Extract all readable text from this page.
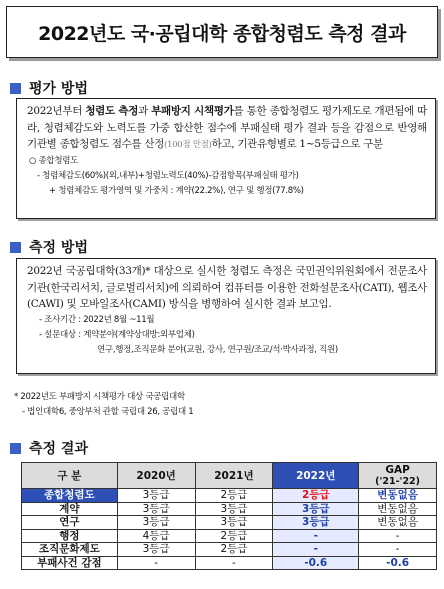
2022년도 국·공립대학 종합청렴도 측정 결과
평가 방법

2022년부터 청렴도 측정과 부패방지 시책평가를 통한 종합청렴도 평가제도로 개편됨에 따라, 청렴체감도와 노력도를 가중 합산한 점수에 부패실태 평가 결과 등을 감점으로 반영해 기관별 종합청렴도 점수를 산정(100점 만점)하고, 기관유형별로 1~5등급으로 구분

○ 종합청렴도
- 청렴체감도(60%)(외,내부)+청렴노력도(40%)-감점항목(부패실태 평가)
+ 청렴체감도 평가영역 및 가중치 : 계약(22.2%), 연구 및 행정(77.8%)
측정 방법

2022년 국공립대학(33개)* 대상으로 실시한 청렴도 측정은 국민권익위원회에서 전문조사기관(한국리서치, 글로벌리서치)에 의뢰하여 컴퓨터를 이용한 전화설문조사(CATI), 웹조사(CAWI) 및 모바일조사(CAMI) 방식을 병행하여 실시한 결과 보고임.

- 조사기간 : 2022년 8월 ~11월
- 설문대상 : 계약분야(계약상대방:외부업체)
연구,행정,조직문화 분야(교원, 강사, 연구원/조교/석·박사과정, 직원)
* 2022년도 부패방지 시책평가 대상 국공립대학
- 법인대학6, 중앙부처 관할 국립대 26, 공립대 1
측정 결과
구 분	2020년	2021년	2022년	GAP
('21-'22)

종합청렴도	3등급	2등급	2등급	변동없음
계약	3등급	3등급	3등급	변동없음
연구	3등급	3등급	3등급	변동없음
행정	4등급	2등급	-	-
조직문화제도	3등급	2등급	-	-
부패사건 감점	-	-	-0.6	-0.6
